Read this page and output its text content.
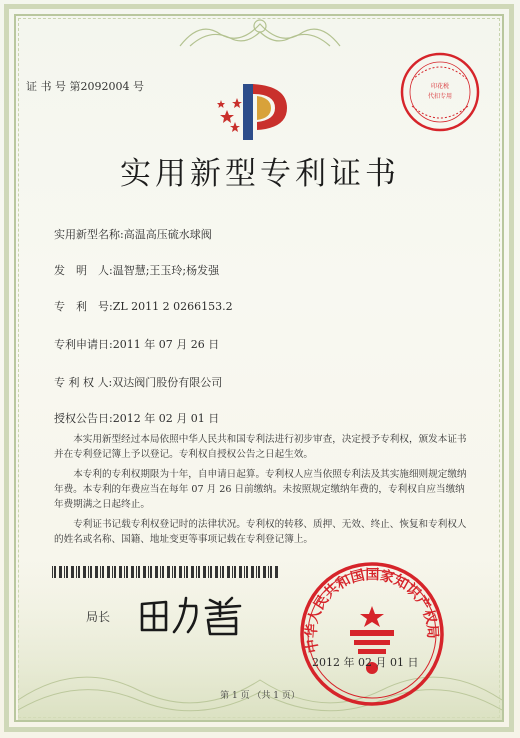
证 书 号 第2092004 号	印花税
代扣专用
实用新型专利证书
实用新型名称:高温高压硫水球阀
发　明　人:温智慧;王玉玲;杨发强
专　利　号:ZL 2011 2 0266153.2
专利申请日:2011 年 07 月 26 日
专 利 权 人:双达阀门股份有限公司
授权公告日:2012 年 02 月 01 日

本实用新型经过本局依照中华人民共和国专利法进行初步审查，决定授予专利权，颁发本证书并在专利登记簿上予以登记。专利权自授权公告之日起生效。

本专利的专利权期限为十年，自申请日起算。专利权人应当依照专利法及其实施细则规定缴纳年费。本专利的年费应当在每年 07 月 26 日前缴纳。未按照规定缴纳年费的，专利权自应当缴纳年费期满之日起终止。

专利证书记载专利权登记时的法律状况。专利权的转移、质押、无效、终止、恢复和专利权人的姓名或名称、国籍、地址变更等事项记载在专利登记簿上。

局长
中华人民共和国国家知识产权局
2012 年 02 月 01 日
第 1 页 （共 1 页）
